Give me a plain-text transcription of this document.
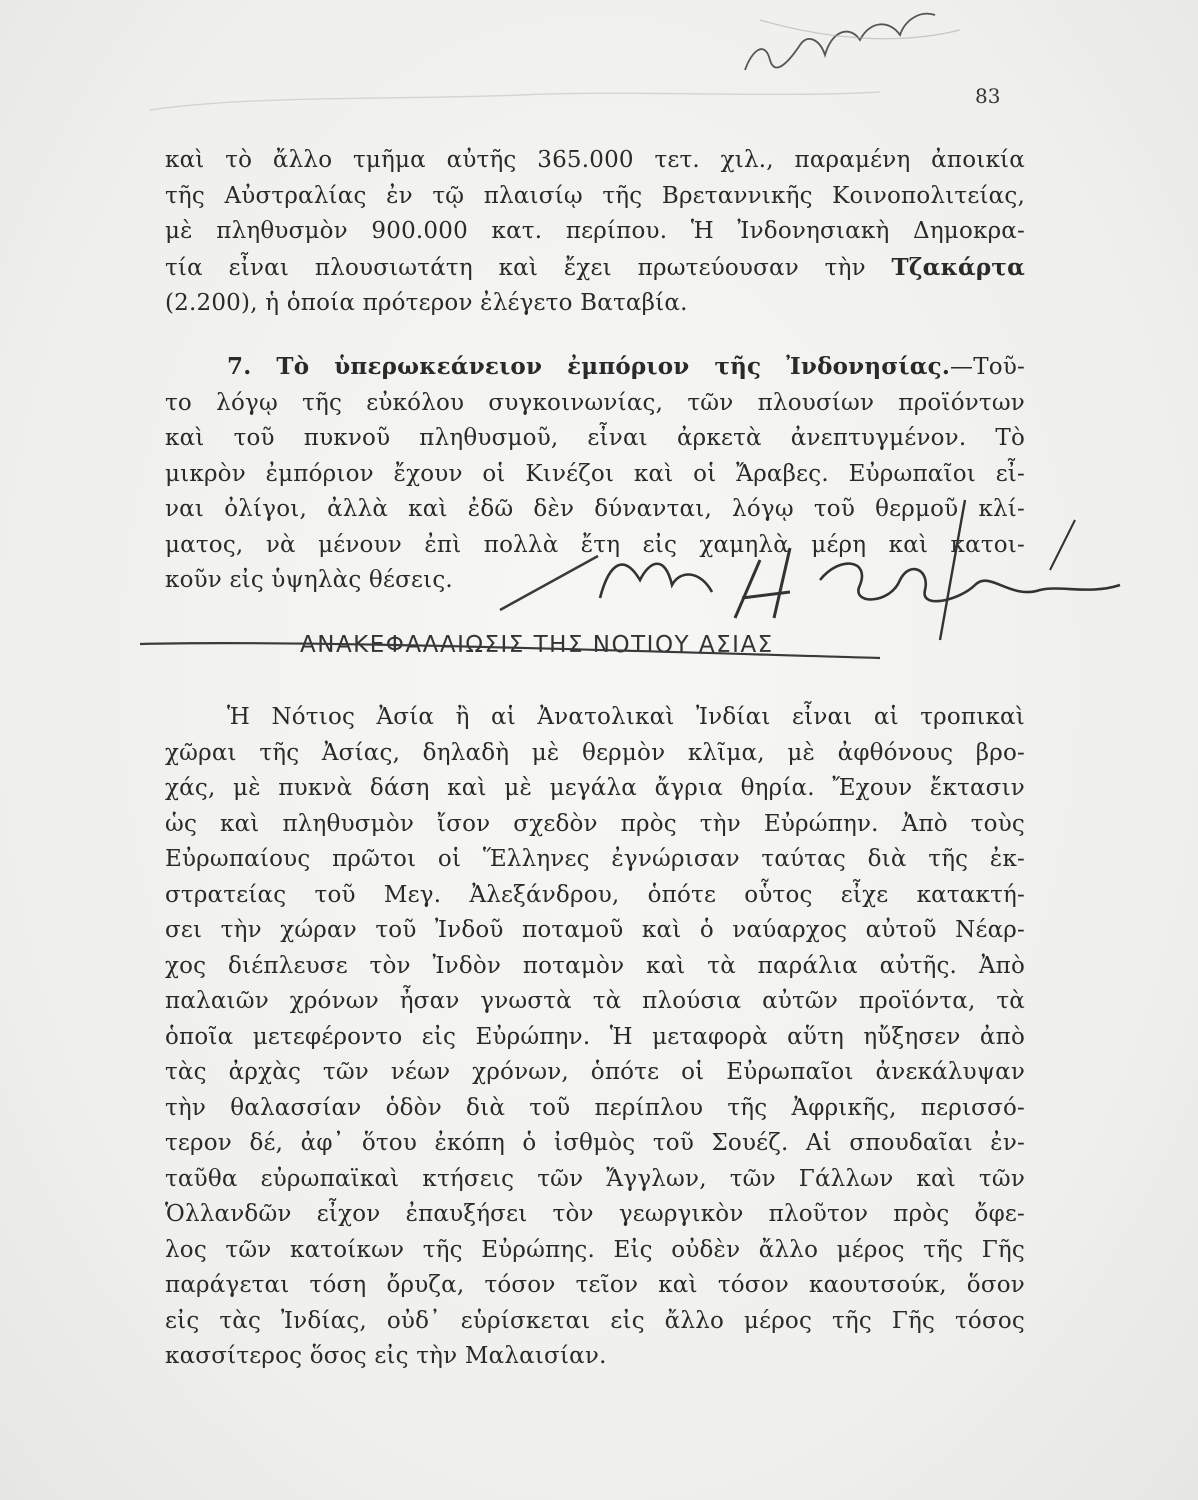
83
καὶ τὸ ἄλλο τμῆμα αὐτῆς 365.000 τετ. χιλ., παραμένη ἀποικία
τῆς Αὐστραλίας ἐν τῷ πλαισίῳ τῆς Βρεταννικῆς Κοινοπολιτείας,
μὲ πληθυσμὸν 900.000 κατ. περίπου. Ἡ Ἰνδονησιακὴ Δημοκρα-
τία εἶναι πλουσιωτάτη καὶ ἔχει πρωτεύουσαν τὴν Τζακάρτα
(2.200), ἡ ὁποία πρότερον ἐλέγετο Βαταβία.
7. Τὸ ὑπερωκεάνειον ἐμπόριον τῆς Ἰνδονησίας.—Τοῦ-
το λόγῳ τῆς εὐκόλου συγκοινωνίας, τῶν πλουσίων προϊόντων
καὶ τοῦ πυκνοῦ πληθυσμοῦ, εἶναι ἀρκετὰ ἀνεπτυγμένον. Τὸ
μικρὸν ἐμπόριον ἔχουν οἱ Κινέζοι καὶ οἱ Ἄραβες. Εὐρωπαῖοι εἶ-
ναι ὀλίγοι, ἀλλὰ καὶ ἐδῶ δὲν δύνανται, λόγῳ τοῦ θερμοῦ κλί-
ματος, νὰ μένουν ἐπὶ πολλὰ ἔτη εἰς χαμηλὰ μέρη καὶ κατοι-
κοῦν εἰς ὑψηλὰς θέσεις.
ΑΝΑΚΕΦΑΛΑΙΩΣΙΣ ΤΗΣ ΝΟΤΙΟΥ ΑΣΙΑΣ
Ἡ Νότιος Ἀσία ἢ αἱ Ἀνατολικαὶ Ἰνδίαι εἶναι αἱ τροπικαὶ
χῶραι τῆς Ἀσίας, δηλαδὴ μὲ θερμὸν κλῖμα, μὲ ἀφθόνους βρο-
χάς, μὲ πυκνὰ δάση καὶ μὲ μεγάλα ἄγρια θηρία. Ἔχουν ἔκτασιν
ὡς καὶ πληθυσμὸν ἴσον σχεδὸν πρὸς τὴν Εὐρώπην. Ἀπὸ τοὺς
Εὐρωπαίους πρῶτοι οἱ Ἕλληνες ἐγνώρισαν ταύτας διὰ τῆς ἐκ-
στρατείας τοῦ Μεγ. Ἀλεξάνδρου, ὁπότε οὗτος εἶχε κατακτή-
σει τὴν χώραν τοῦ Ἰνδοῦ ποταμοῦ καὶ ὁ ναύαρχος αὐτοῦ Νέαρ-
χος διέπλευσε τὸν Ἰνδὸν ποταμὸν καὶ τὰ παράλια αὐτῆς. Ἀπὸ
παλαιῶν χρόνων ἦσαν γνωστὰ τὰ πλούσια αὐτῶν προϊόντα, τὰ
ὁποῖα μετεφέροντο εἰς Εὐρώπην. Ἡ μεταφορὰ αὕτη ηὔξησεν ἀπὸ
τὰς ἀρχὰς τῶν νέων χρόνων, ὁπότε οἱ Εὐρωπαῖοι ἀνεκάλυψαν
τὴν θαλασσίαν ὁδὸν διὰ τοῦ περίπλου τῆς Ἀφρικῆς, περισσό-
τερον δέ, ἀφ᾽ ὅτου ἐκόπη ὁ ἰσθμὸς τοῦ Σουέζ. Αἱ σπουδαῖαι ἐν-
ταῦθα εὐρωπαϊκαὶ κτήσεις τῶν Ἄγγλων, τῶν Γάλλων καὶ τῶν
Ὁλλανδῶν εἶχον ἐπαυξήσει τὸν γεωργικὸν πλοῦτον πρὸς ὄφε-
λος τῶν κατοίκων τῆς Εὐρώπης. Εἰς οὐδὲν ἄλλο μέρος τῆς Γῆς
παράγεται τόση ὄρυζα, τόσον τεῖον καὶ τόσον καουτσούκ, ὅσον
εἰς τὰς Ἰνδίας, οὐδ᾽ εὑρίσκεται εἰς ἄλλο μέρος τῆς Γῆς τόσος
κασσίτερος ὅσος εἰς τὴν Μαλαισίαν.
